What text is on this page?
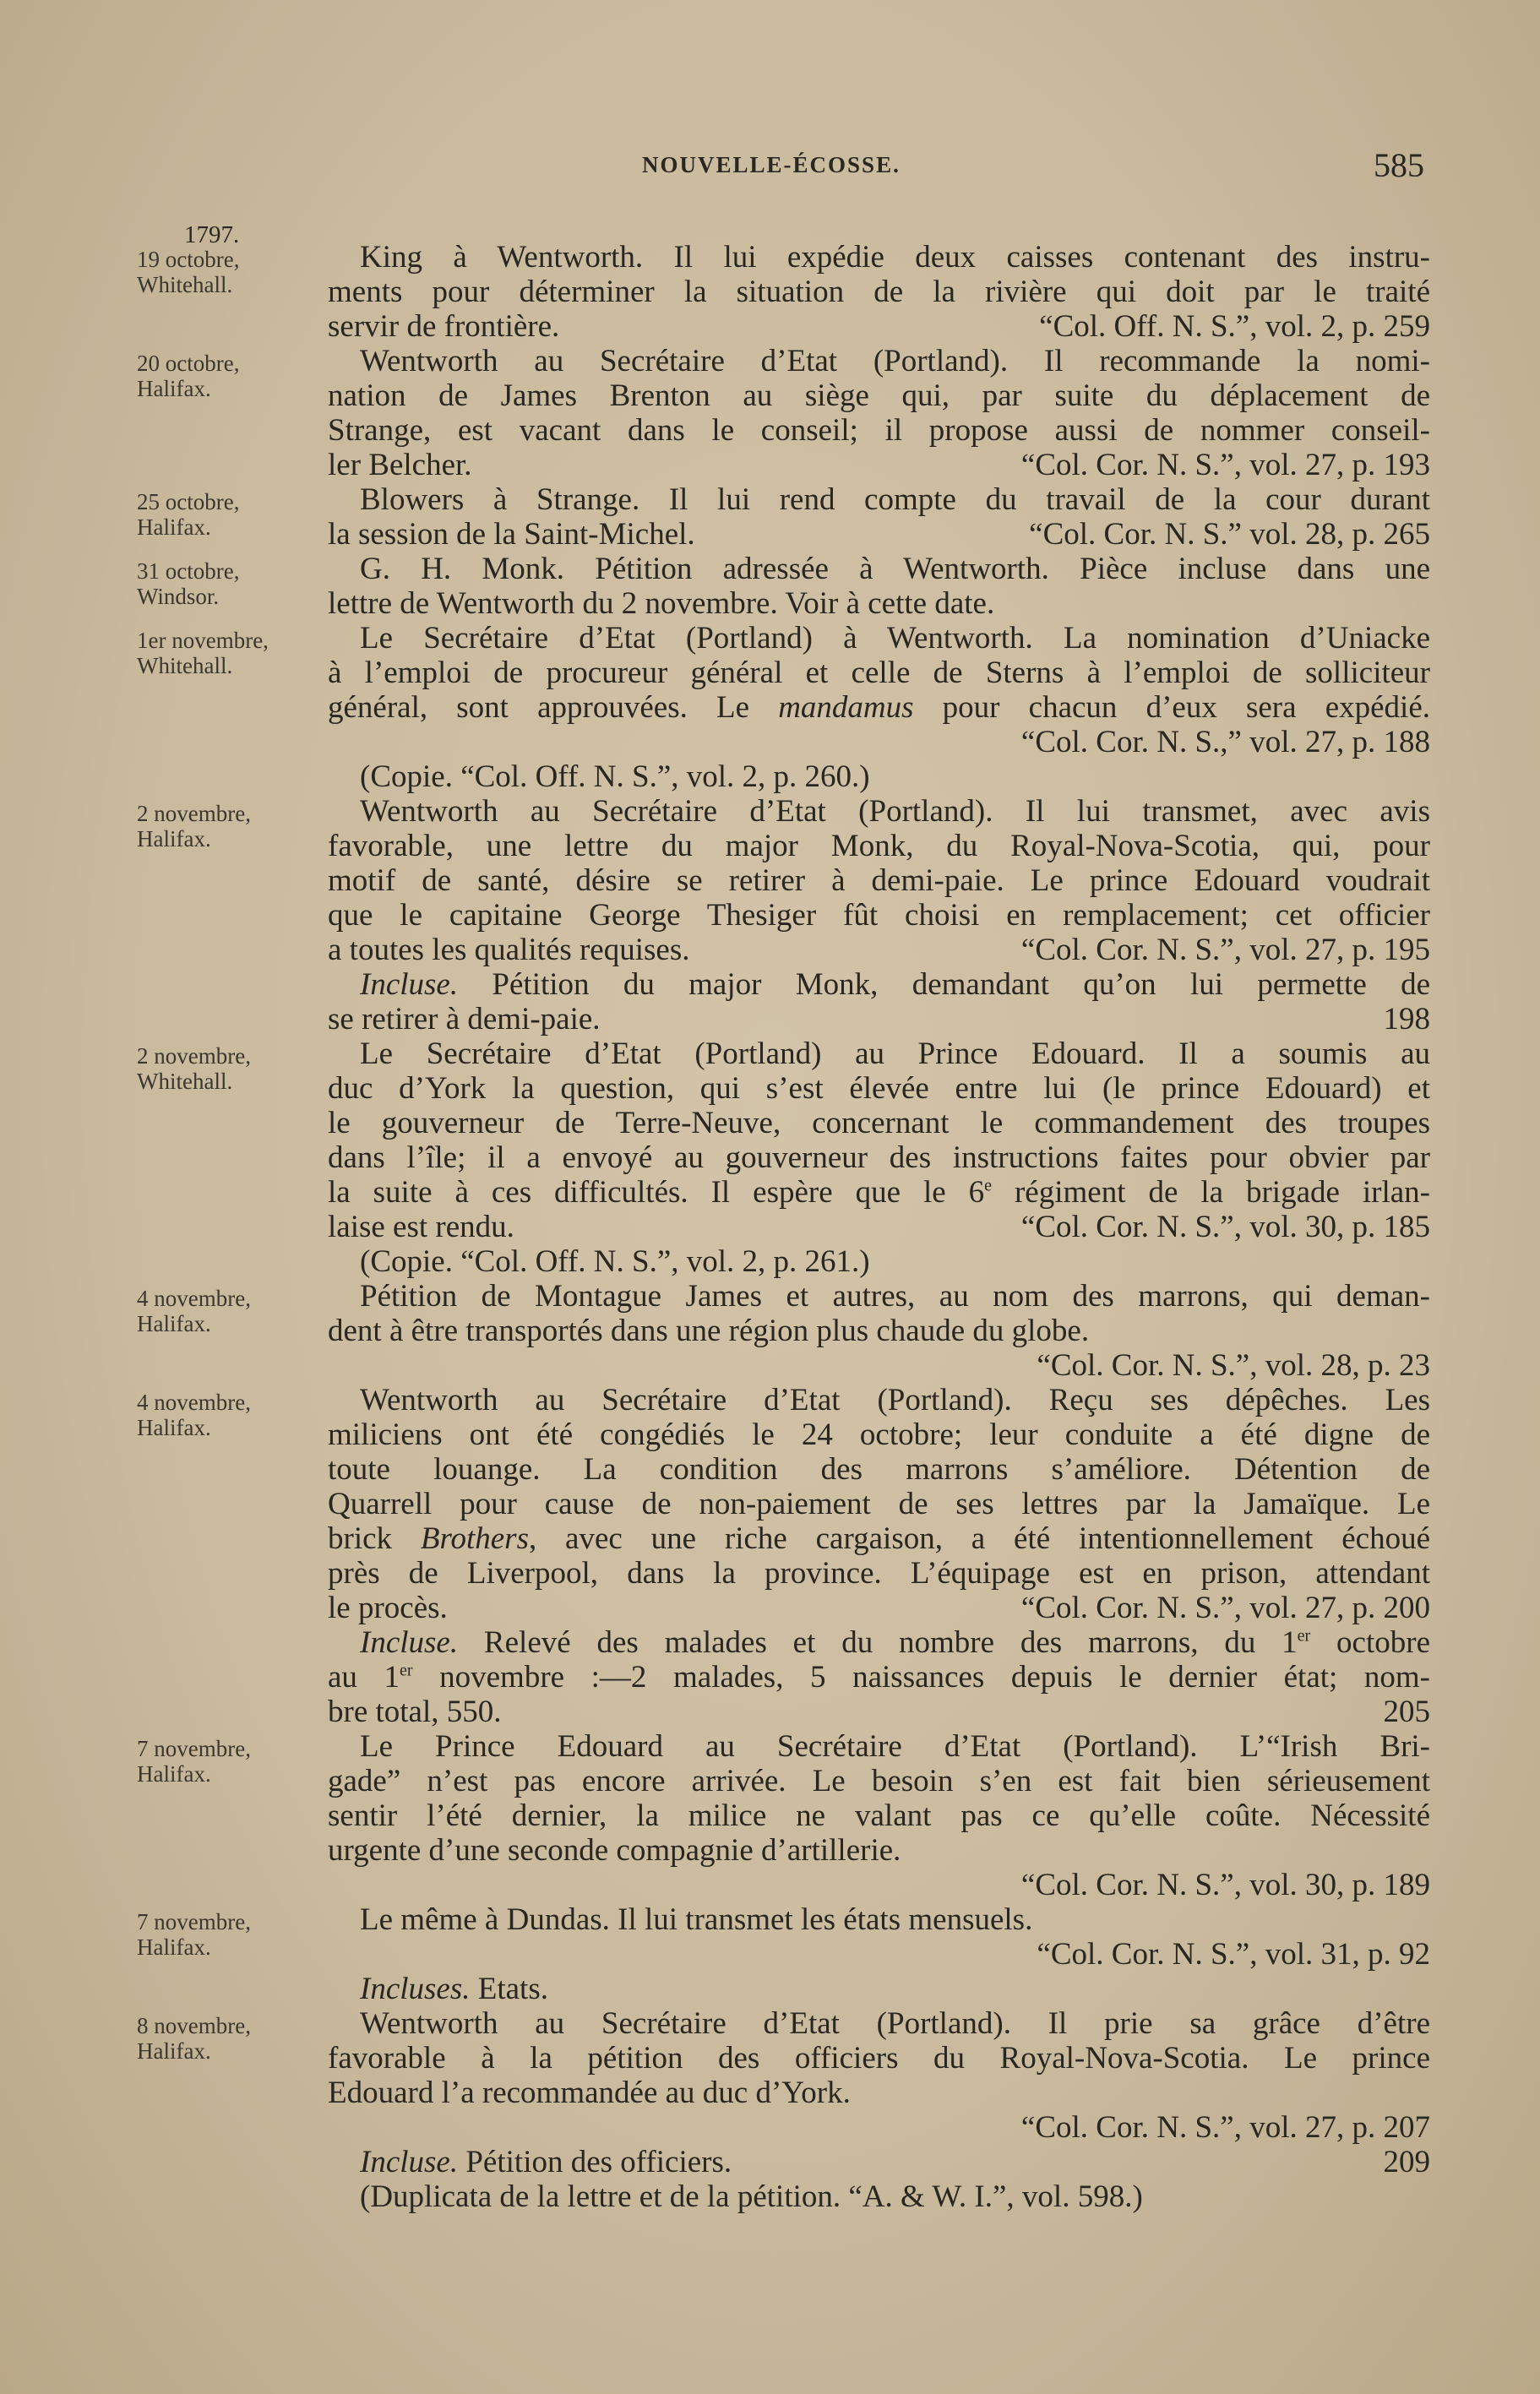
NOUVELLE-ÉCOSSE.	585
1797.
19 octobre,
Whitehall.
King à Wentworth. Il lui expédie deux caisses contenant des instru-
ments pour déterminer la situation de la rivière qui doit par le traité
servir de frontière.	“Col. Off. N. S.”, vol. 2, p. 259
20 octobre,
Halifax.
Wentworth au Secrétaire d’Etat (Portland). Il recommande la nomi-
nation de James Brenton au siège qui, par suite du déplacement de
Strange, est vacant dans le conseil; il propose aussi de nommer conseil-
ler Belcher.	“Col. Cor. N. S.”, vol. 27, p. 193
25 octobre,
Halifax.
Blowers à Strange. Il lui rend compte du travail de la cour durant
la session de la Saint-Michel.	“Col. Cor. N. S.” vol. 28, p. 265
31 octobre,
Windsor.
G. H. Monk. Pétition adressée à Wentworth. Pièce incluse dans une
lettre de Wentworth du 2 novembre. Voir à cette date.
1er novembre,
Whitehall.
Le Secrétaire d’Etat (Portland) à Wentworth. La nomination d’Uniacke
à l’emploi de procureur général et celle de Sterns à l’emploi de solliciteur
général, sont approuvées. Le mandamus pour chacun d’eux sera expédié.
“Col. Cor. N. S.,” vol. 27, p. 188
(Copie. “Col. Off. N. S.”, vol. 2, p. 260.)
2 novembre,
Halifax.
Wentworth au Secrétaire d’Etat (Portland). Il lui transmet, avec avis
favorable, une lettre du major Monk, du Royal-Nova-Scotia, qui, pour
motif de santé, désire se retirer à demi-paie. Le prince Edouard voudrait
que le capitaine George Thesiger fût choisi en remplacement; cet officier
a toutes les qualités requises.	“Col. Cor. N. S.”, vol. 27, p. 195
Incluse. Pétition du major Monk, demandant qu’on lui permette de
se retirer à demi-paie.	198
2 novembre,
Whitehall.
Le Secrétaire d’Etat (Portland) au Prince Edouard. Il a soumis au
duc d’York la question, qui s’est élevée entre lui (le prince Edouard) et
le gouverneur de Terre-Neuve, concernant le commandement des troupes
dans l’île; il a envoyé au gouverneur des instructions faites pour obvier par
la suite à ces difficultés. Il espère que le 6e régiment de la brigade irlan-
laise est rendu.	“Col. Cor. N. S.”, vol. 30, p. 185
(Copie. “Col. Off. N. S.”, vol. 2, p. 261.)
4 novembre,
Halifax.
Pétition de Montague James et autres, au nom des marrons, qui deman-
dent à être transportés dans une région plus chaude du globe.
“Col. Cor. N. S.”, vol. 28, p. 23
4 novembre,
Halifax.
Wentworth au Secrétaire d’Etat (Portland). Reçu ses dépêches. Les
miliciens ont été congédiés le 24 octobre; leur conduite a été digne de
toute louange. La condition des marrons s’améliore. Détention de
Quarrell pour cause de non-paiement de ses lettres par la Jamaïque. Le
brick Brothers, avec une riche cargaison, a été intentionnellement échoué
près de Liverpool, dans la province. L’équipage est en prison, attendant
le procès.	“Col. Cor. N. S.”, vol. 27, p. 200
Incluse. Relevé des malades et du nombre des marrons, du 1er octobre
au 1er novembre :—2 malades, 5 naissances depuis le dernier état; nom-
bre total, 550.	205
7 novembre,
Halifax.
Le Prince Edouard au Secrétaire d’Etat (Portland). L’“Irish Bri-
gade” n’est pas encore arrivée. Le besoin s’en est fait bien sérieusement
sentir l’été dernier, la milice ne valant pas ce qu’elle coûte. Nécessité
urgente d’une seconde compagnie d’artillerie.
“Col. Cor. N. S.”, vol. 30, p. 189
7 novembre,
Halifax.
Le même à Dundas. Il lui transmet les états mensuels.
“Col. Cor. N. S.”, vol. 31, p. 92
Incluses. Etats.
8 novembre,
Halifax.
Wentworth au Secrétaire d’Etat (Portland). Il prie sa grâce d’être
favorable à la pétition des officiers du Royal-Nova-Scotia. Le prince
Edouard l’a recommandée au duc d’York.
“Col. Cor. N. S.”, vol. 27, p. 207
Incluse. Pétition des officiers.	209
(Duplicata de la lettre et de la pétition. “A. & W. I.”, vol. 598.)
